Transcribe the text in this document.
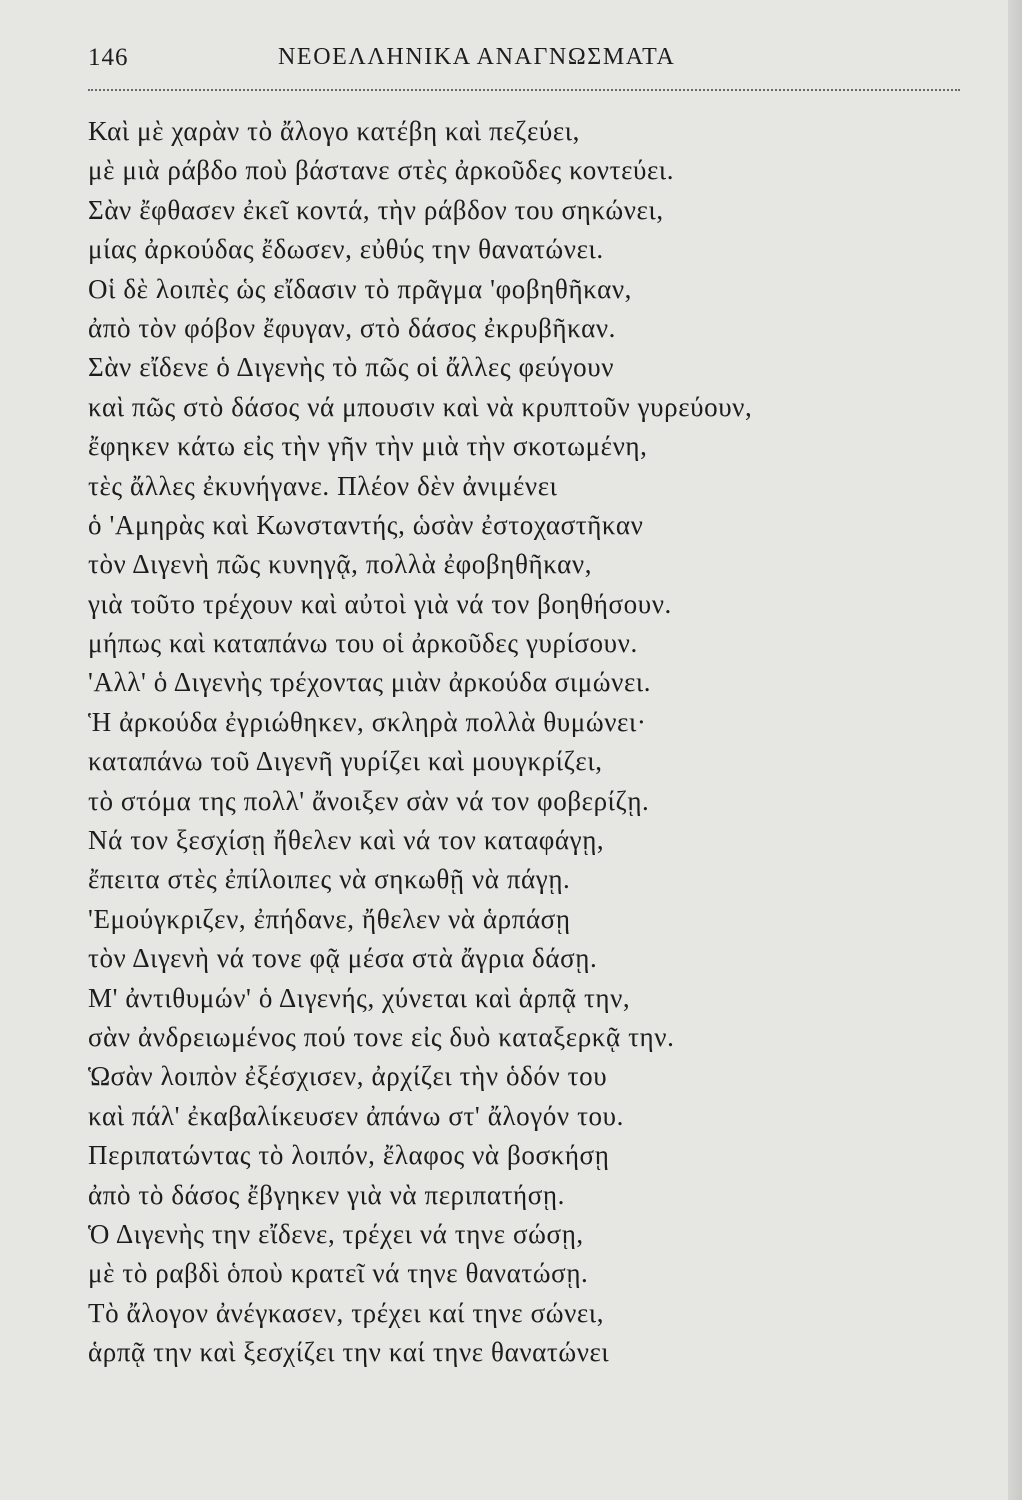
146	ΝΕΟΕΛΛΗΝΙΚΑ ΑΝΑΓΝΩΣΜΑΤΑ
Καὶ μὲ χαρὰν τὸ ἄλογο κατέβη καὶ πεζεύει,
μὲ μιὰ ράβδο ποὺ βάστανε στὲς ἀρκοῦδες κοντεύει.
Σὰν ἔφθασεν ἐκεῖ κοντά, τὴν ράβδον του σηκώνει,
μίας ἀρκούδας ἔδωσεν, εὐθύς την θανατώνει.
Οἱ δὲ λοιπὲς ὡς εἴδασιν τὸ πρᾶγμα 'φοβηθῆκαν,
ἀπὸ τὸν φόβον ἔφυγαν, στὸ δάσος ἐκρυβῆκαν.
Σὰν εἴδενε ὁ Διγενὴς τὸ πῶς οἱ ἄλλες φεύγουν
καὶ πῶς στὸ δάσος νά μπουσιν καὶ νὰ κρυπτοῦν γυρεύουν,
ἔφηκεν κάτω εἰς τὴν γῆν τὴν μιὰ τὴν σκοτωμένη,
τὲς ἄλλες ἐκυνήγανε. Πλέον δὲν ἀνιμένει
ὁ 'Αμηρὰς καὶ Κωνσταντής, ὡσὰν ἐστοχαστῆκαν
τὸν Διγενὴ πῶς κυνηγᾷ, πολλὰ ἐφοβηθῆκαν,
γιὰ τοῦτο τρέχουν καὶ αὐτοὶ γιὰ νά τον βοηθήσουν.
μήπως καὶ καταπάνω του οἱ ἀρκοῦδες γυρίσουν.
'Αλλ' ὁ Διγενὴς τρέχοντας μιὰν ἀρκούδα σιμώνει.
Ἡ ἀρκούδα ἐγριώθηκεν, σκληρὰ πολλὰ θυμώνει·
καταπάνω τοῦ Διγενῆ γυρίζει καὶ μουγκρίζει,
τὸ στόμα της πολλ' ἄνοιξεν σὰν νά τον φοβερίζῃ.
Νά τον ξεσχίσῃ ἤθελεν καὶ νά τον καταφάγῃ,
ἔπειτα στὲς ἐπίλοιπες νὰ σηκωθῇ νὰ πάγῃ.
'Εμούγκριζεν, ἐπήδανε, ἤθελεν νὰ ἁρπάσῃ
τὸν Διγενὴ νά τονε φᾷ μέσα στὰ ἄγρια δάσῃ.
Μ' ἀντιθυμών' ὁ Διγενής, χύνεται καὶ ἁρπᾷ την,
σὰν ἀνδρειωμένος πού τονε εἰς δυὸ καταξερκᾷ την.
Ὡσὰν λοιπὸν ἐξέσχισεν, ἀρχίζει τὴν ὁδόν του
καὶ πάλ' ἐκαβαλίκευσεν ἀπάνω στ' ἄλογόν του.
Περιπατώντας τὸ λοιπόν, ἔλαφος νὰ βοσκήσῃ
ἀπὸ τὸ δάσος ἔβγηκεν γιὰ νὰ περιπατήσῃ.
Ὁ Διγενὴς την εἴδενε, τρέχει νά τηνε σώσῃ,
μὲ τὸ ραβδὶ ὁποὺ κρατεῖ νά τηνε θανατώσῃ.
Τὸ ἄλογον ἀνέγκασεν, τρέχει καί τηνε σώνει,
ἁρπᾷ την καὶ ξεσχίζει την καί τηνε θανατώνει
